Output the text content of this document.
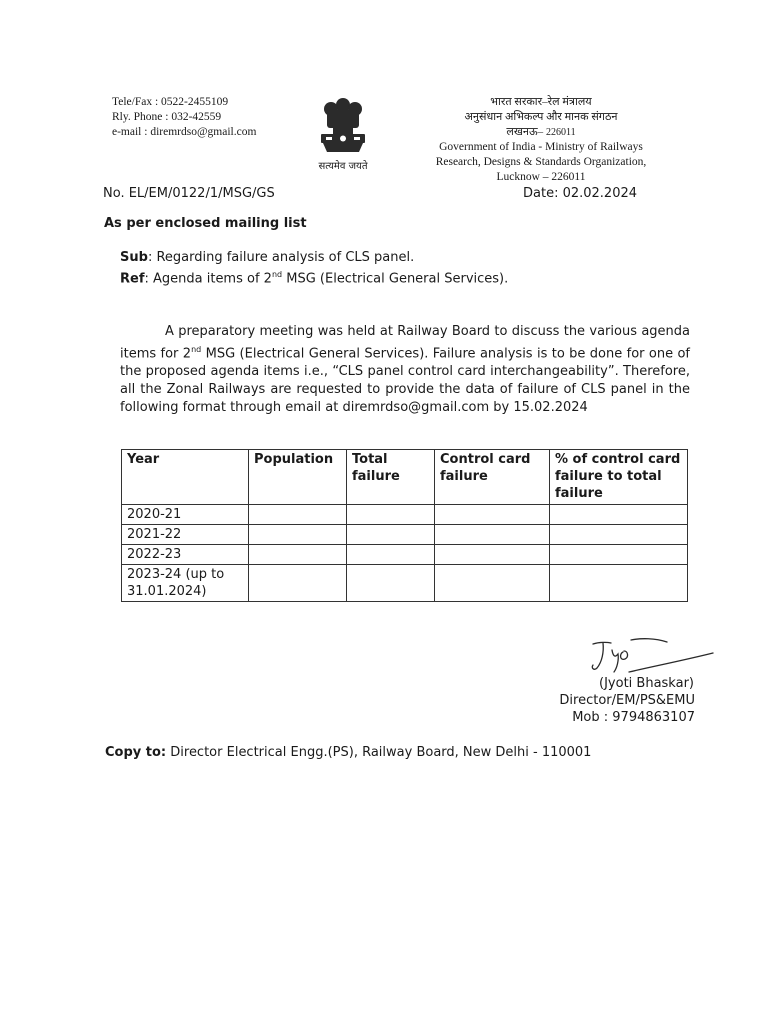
Tele/Fax : 0522-2455109
Rly. Phone : 032-42559
e-mail : diremrdso@gmail.com
सत्यमेव जयते
भारत सरकार–रेल मंत्रालय
अनुसंधान अभिकल्प और मानक संगठन
लखनऊ– 226011
Government of India - Ministry of Railways
Research, Designs & Standards Organization,
Lucknow – 226011
No. EL/EM/0122/1/MSG/GS	Date: 02.02.2024
As per enclosed mailing list
Sub: Regarding failure analysis of CLS panel.
Ref: Agenda items of 2nd MSG (Electrical General Services).

A preparatory meeting was held at Railway Board to discuss the various agenda items for 2nd MSG (Electrical General Services). Failure analysis is to be done for one of the proposed agenda items i.e., “CLS panel control card interchangeability”. Therefore, all the Zonal Railways are requested to provide the data of failure of CLS panel in the following format through email at diremrdso@gmail.com by 15.02.2024

Year	Population	Total failure	Control card failure	% of control card failure to total failure
2020-21				
2021-22				
2022-23				
2023-24 (up to 31.01.2024)				
(Jyoti Bhaskar)
Director/EM/PS&EMU
Mob : 9794863107
Copy to: Director Electrical Engg.(PS), Railway Board, New Delhi - 110001
